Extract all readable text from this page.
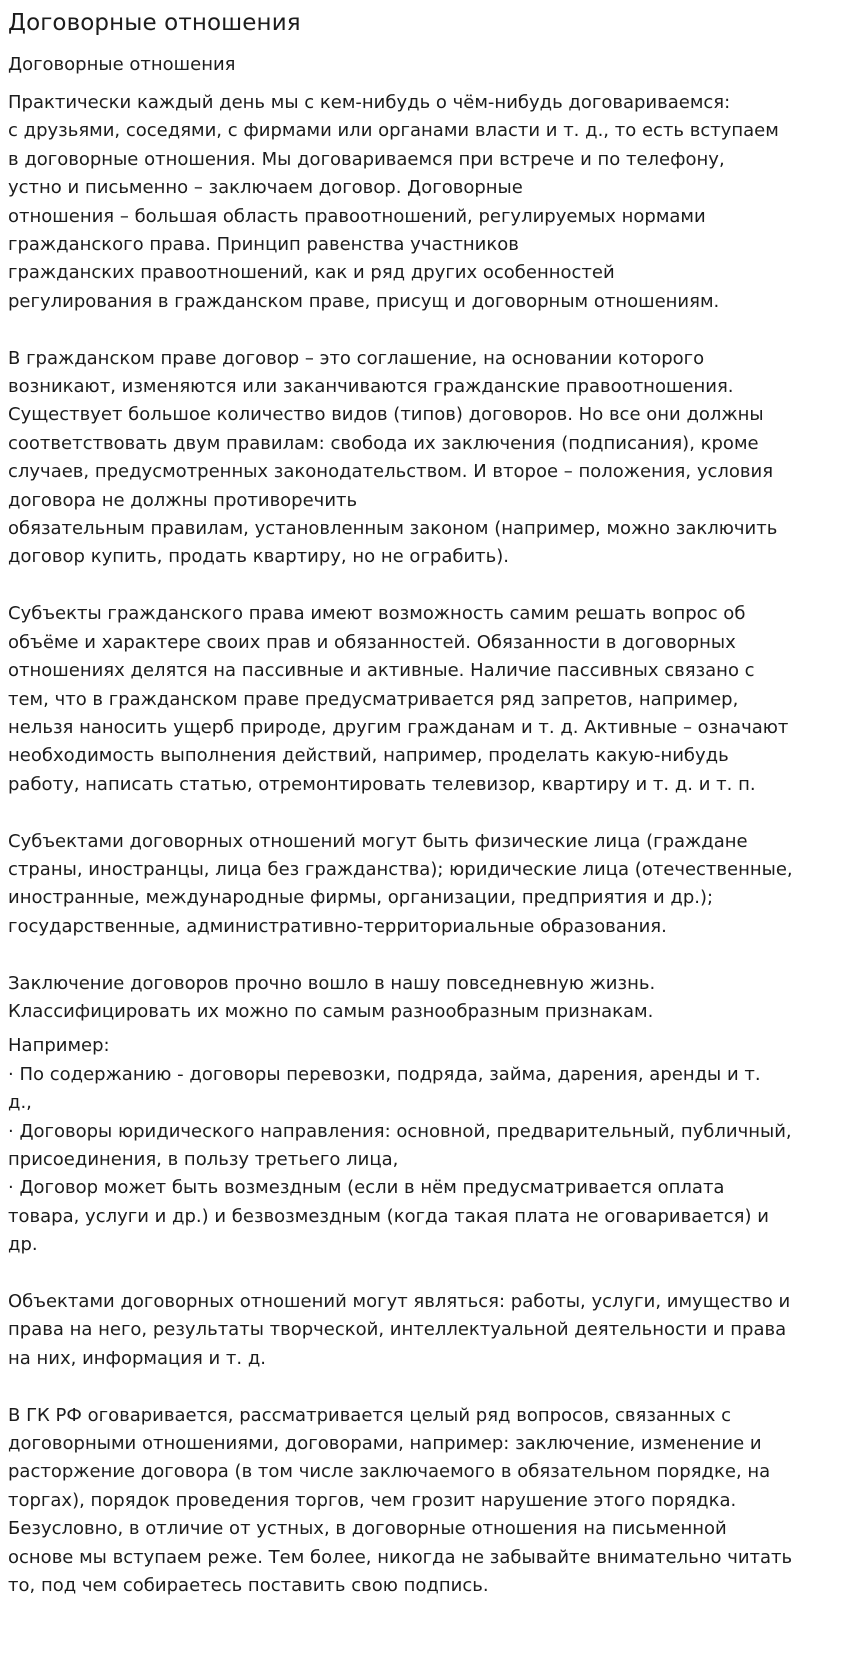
Договорные отношения
Договорные отношения
Практически каждый день мы с кем-нибудь о чём-нибудь договариваемся:
с друзьями, соседями, с фирмами или органами власти и т. д., то есть вступаем
в договорные отношения. Мы договариваемся при встрече и по телефону,
устно и письменно – заключаем договор. Договорные
отношения – большая область правоотношений, регулируемых нормами
гражданского права. Принцип равенства участников
гражданских правоотношений, как и ряд других особенностей
регулирования в гражданском праве, присущ и договорным отношениям.
В гражданском праве договор – это соглашение, на основании которого
возникают, изменяются или заканчиваются гражданские правоотношения.
Существует большое количество видов (типов) договоров. Но все они должны
соответствовать двум правилам: свобода их заключения (подписания), кроме
случаев, предусмотренных законодательством. И второе – положения, условия
договора не должны противоречить
обязательным правилам, установленным законом (например, можно заключить
договор купить, продать квартиру, но не ограбить).
Субъекты гражданского права имеют возможность самим решать вопрос об
объёме и характере своих прав и обязанностей. Обязанности в договорных
отношениях делятся на пассивные и активные. Наличие пассивных связано с
тем, что в гражданском праве предусматривается ряд запретов, например,
нельзя наносить ущерб природе, другим гражданам и т. д. Активные – означают
необходимость выполнения действий, например, проделать какую-нибудь
работу, написать статью, отремонтировать телевизор, квартиру и т. д. и т. п.
Субъектами договорных отношений могут быть физические лица (граждане
страны, иностранцы, лица без гражданства); юридические лица (отечественные,
иностранные, международные фирмы, организации, предприятия и др.);
государственные, административно-территориальные образования.
Заключение договоров прочно вошло в нашу повседневную жизнь.
Классифицировать их можно по самым разнообразным признакам.
Например:
· По содержанию - договоры перевозки, подряда, займа, дарения, аренды и т.
д.,
· Договоры юридического направления: основной, предварительный, публичный,
присоединения, в пользу третьего лица,
· Договор может быть возмездным (если в нём предусматривается оплата
товара, услуги и др.) и безвозмездным (когда такая плата не оговаривается) и
др.
Объектами договорных отношений могут являться: работы, услуги, имущество и
права на него, результаты творческой, интеллектуальной деятельности и права
на них, информация и т. д.
В ГК РФ оговаривается, рассматривается целый ряд вопросов, связанных с
договорными отношениями, договорами, например: заключение, изменение и
расторжение договора (в том числе заключаемого в обязательном порядке, на
торгах), порядок проведения торгов, чем грозит нарушение этого порядка.
Безусловно, в отличие от устных, в договорные отношения на письменной
основе мы вступаем реже. Тем более, никогда не забывайте внимательно читать
то, под чем собираетесь поставить свою подпись.
